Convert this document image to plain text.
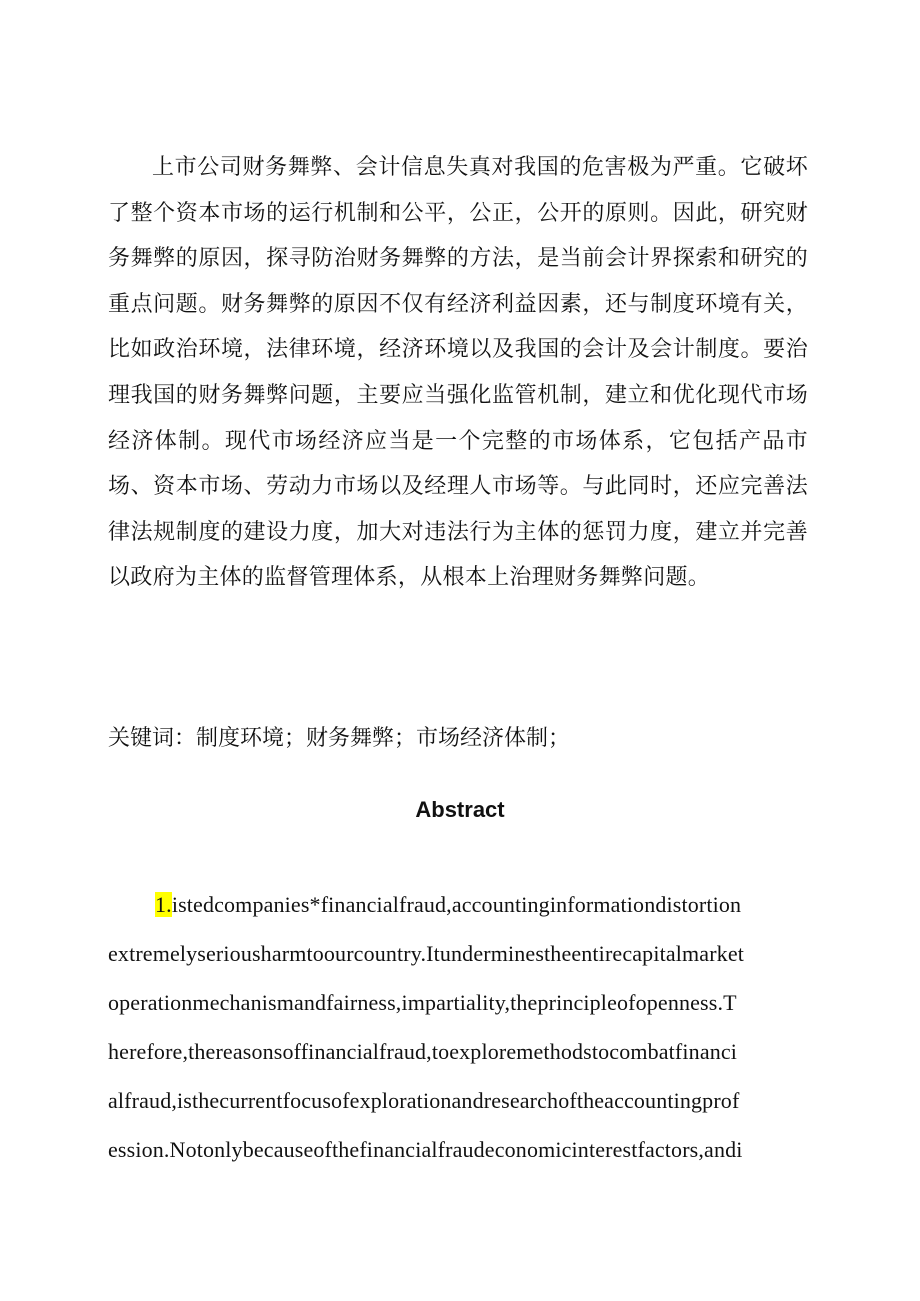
上市公司财务舞弊、会计信息失真对我国的危害极为严重。它破坏了整个资本市场的运行机制和公平，公正，公开的原则。因此，研究财务舞弊的原因，探寻防治财务舞弊的方法，是当前会计界探索和研究的重点问题。财务舞弊的原因不仅有经济利益因素，还与制度环境有关，比如政治环境，法律环境，经济环境以及我国的会计及会计制度。要治理我国的财务舞弊问题，主要应当强化监管机制，建立和优化现代市场经济体制。现代市场经济应当是一个完整的市场体系，它包括产品市场、资本市场、劳动力市场以及经理人市场等。与此同时，还应完善法律法规制度的建设力度，加大对违法行为主体的惩罚力度，建立并完善以政府为主体的监督管理体系，从根本上治理财务舞弊问题。

关键词：制度环境；财务舞弊；市场经济体制；

Abstract
1.istedcompanies*financialfraud,accountinginformationdistortion
extremelyseriousharmtoourcountry.Itunderminestheentirecapitalmarket
operationmechanismandfairness,impartiality,theprincipleofopenness.T
herefore,thereasonsoffinancialfraud,toexploremethodstocombatfinanci
alfraud,isthecurrentfocusofexplorationandresearchoftheaccountingprof
ession.Notonlybecauseofthefinancialfraudeconomicinterestfactors,andi
